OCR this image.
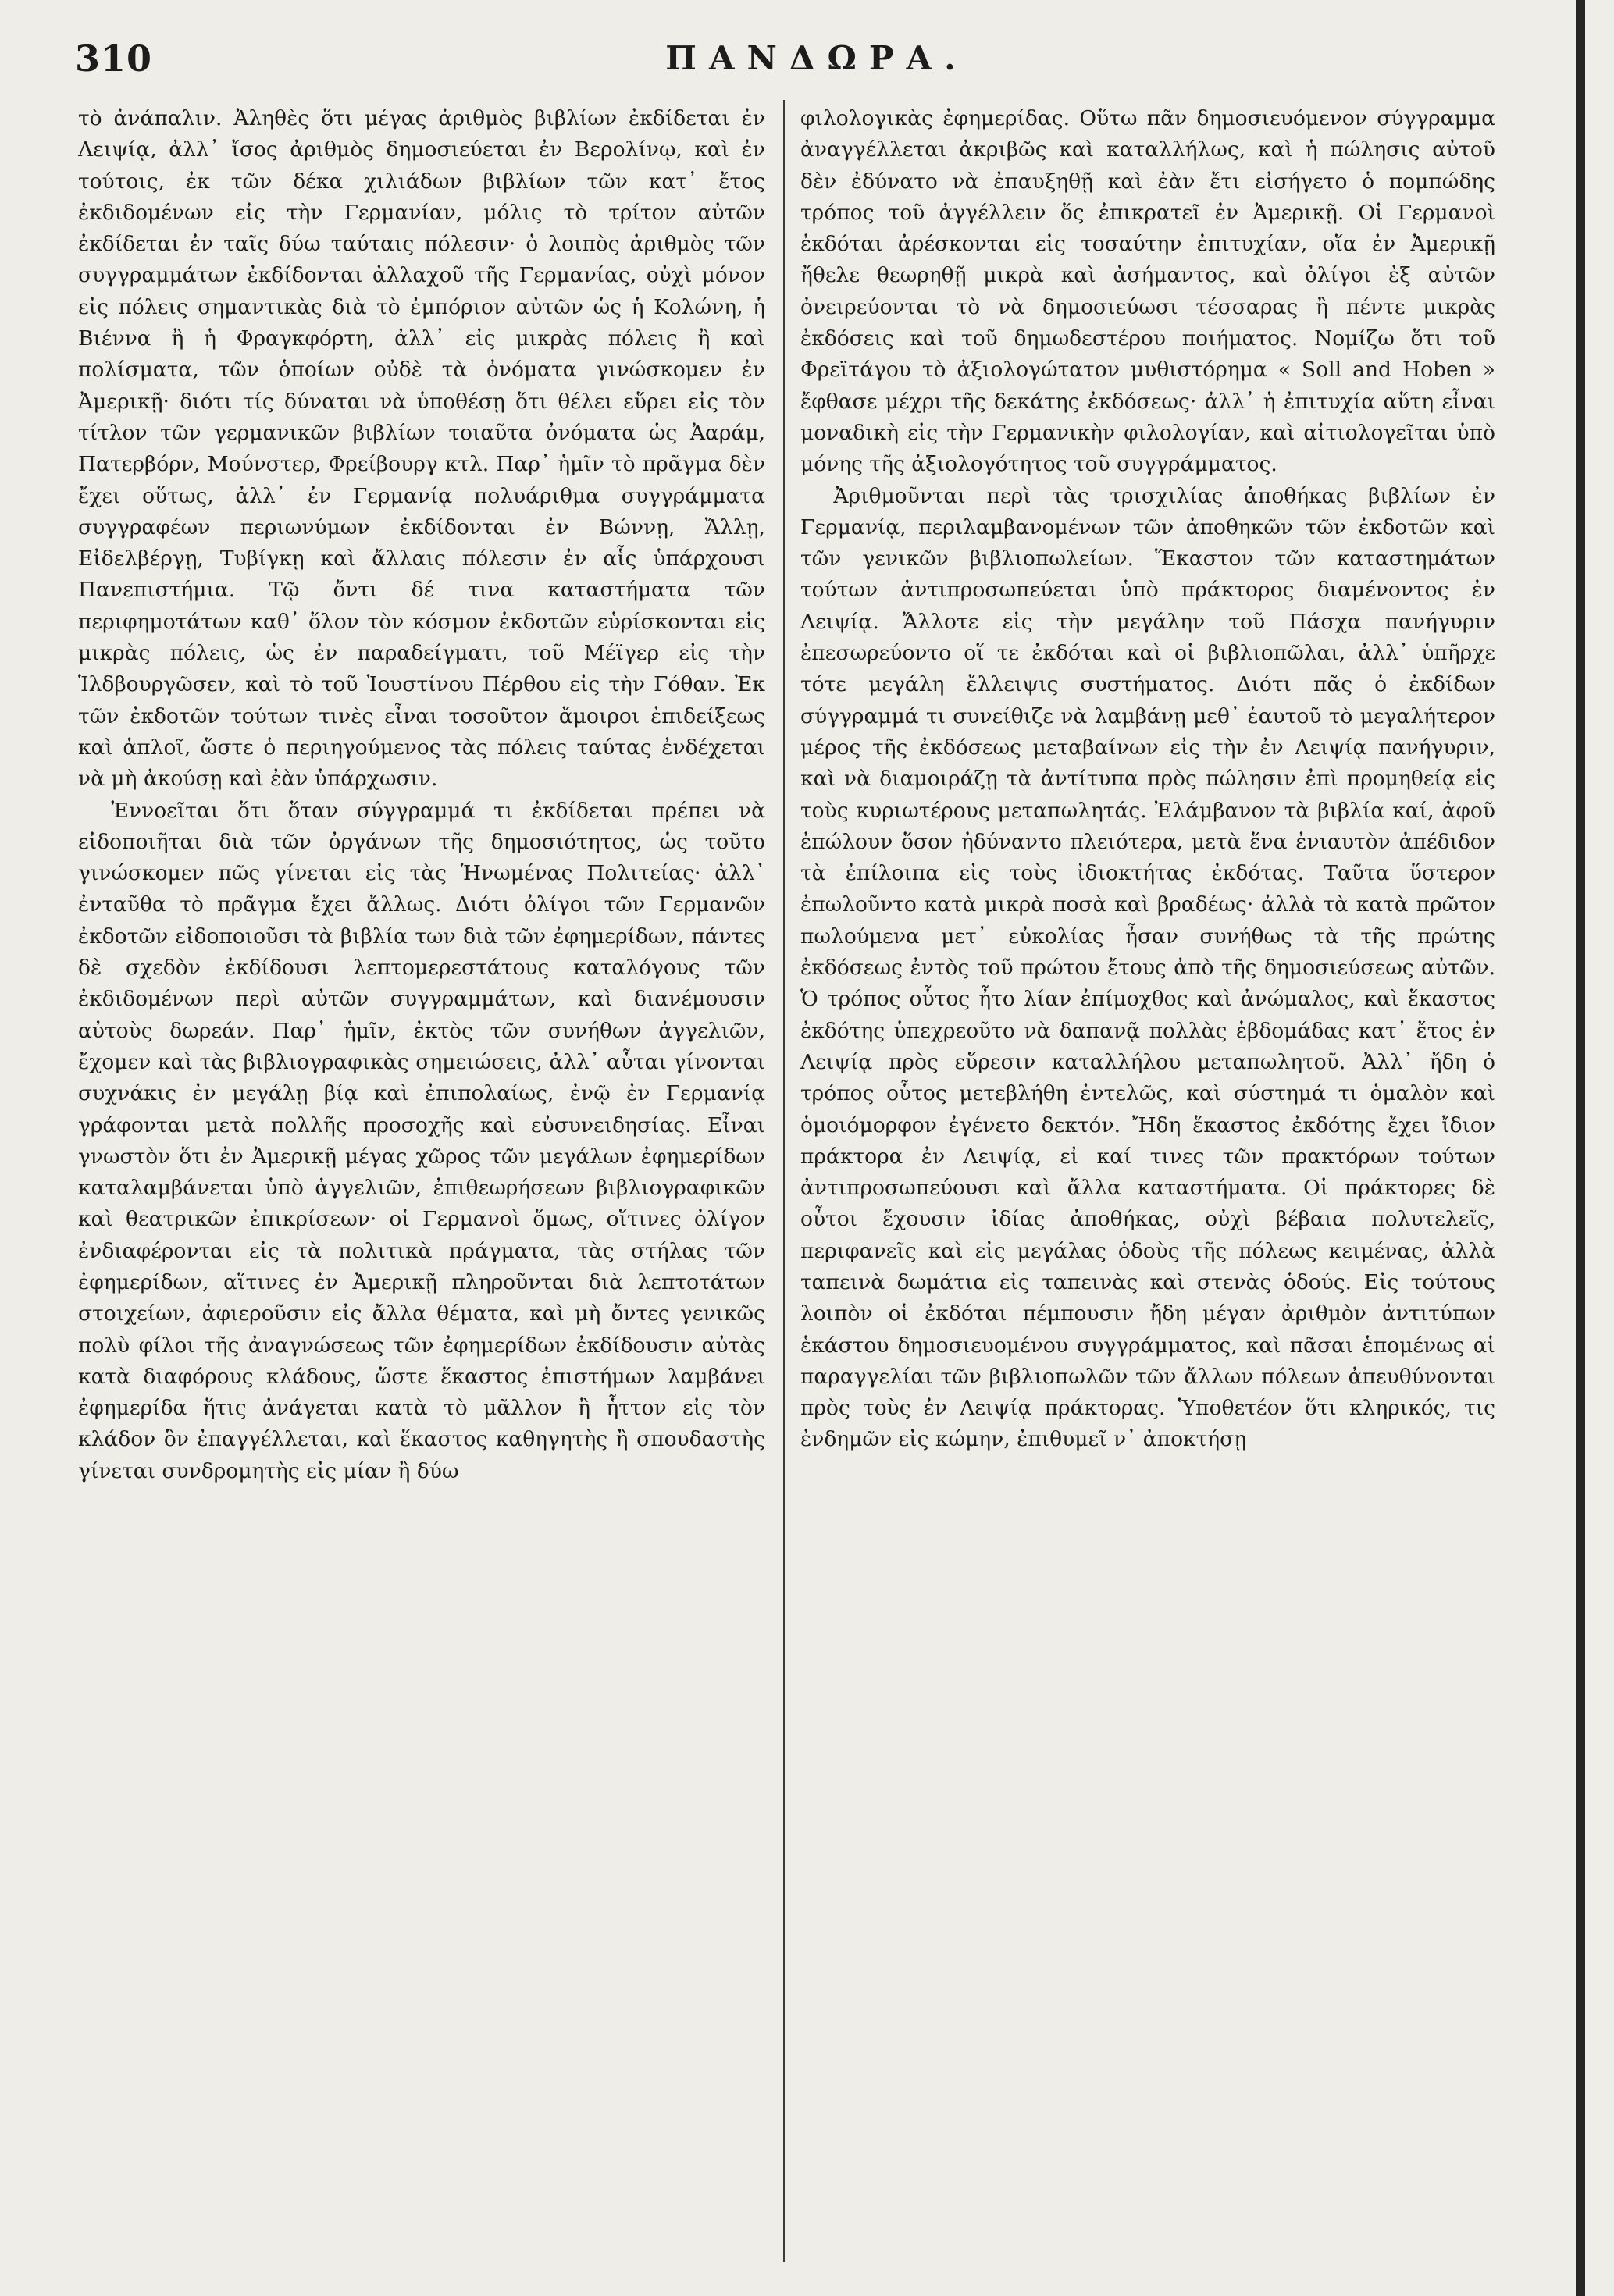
310	ΠΑΝΔΩΡΑ.

τὸ ἀνάπαλιν. Ἀληθὲς ὅτι μέγας ἀριθμὸς βιβλίων ἐκδίδεται ἐν Λειψίᾳ, ἀλλ᾽ ἴσος ἀριθμὸς δημοσιεύεται ἐν Βερολίνῳ, καὶ ἐν τούτοις, ἐκ τῶν δέκα χιλιάδων βιβλίων τῶν κατ᾽ ἔτος ἐκδιδομένων εἰς τὴν Γερμανίαν, μόλις τὸ τρίτον αὐτῶν ἐκδίδεται ἐν ταῖς δύω ταύταις πόλεσιν· ὁ λοιπὸς ἀριθμὸς τῶν συγγραμμάτων ἐκδίδονται ἀλλαχοῦ τῆς Γερμανίας, οὐχὶ μόνον εἰς πόλεις σημαντικὰς διὰ τὸ ἐμπόριον αὐτῶν ὡς ἡ Κολώνη, ἡ Βιέννα ἢ ἡ Φραγκφόρτη, ἀλλ᾽ εἰς μικρὰς πόλεις ἢ καὶ πολίσματα, τῶν ὁποίων οὐδὲ τὰ ὀνόματα γινώσκομεν ἐν Ἀμερικῇ· διότι τίς δύναται νὰ ὑποθέσῃ ὅτι θέλει εὕρει εἰς τὸν τίτλον τῶν γερμανικῶν βιβλίων τοιαῦτα ὀνόματα ὡς Ἀαράμ, Πατερβόρν, Μούνστερ, Φρείβουργ κτλ. Παρ᾽ ἡμῖν τὸ πρᾶγμα δὲν ἔχει οὕτως, ἀλλ᾽ ἐν Γερμανίᾳ πολυάριθμα συγγράμματα συγγραφέων περιωνύμων ἐκδίδονται ἐν Βώννῃ, Ἄλλῃ, Εἰδελβέργῃ, Τυβίγκῃ καὶ ἄλλαις πόλεσιν ἐν αἷς ὑπάρχουσι Πανεπιστήμια. Τῷ ὄντι δέ τινα καταστήματα τῶν περιφημοτάτων καθ᾽ ὅλον τὸν κόσμον ἐκδοτῶν εὑρίσκονται εἰς μικρὰς πόλεις, ὡς ἐν παραδείγματι, τοῦ Μέϊγερ εἰς τὴν Ἱλδβουργῶσεν, καὶ τὸ τοῦ Ἰουστίνου Πέρθου εἰς τὴν Γόθαν. Ἐκ τῶν ἐκδοτῶν τούτων τινὲς εἶναι τοσοῦτον ἄμοιροι ἐπιδείξεως καὶ ἁπλοῖ, ὥστε ὁ περιηγούμενος τὰς πόλεις ταύτας ἐνδέχεται νὰ μὴ ἀκούσῃ καὶ ἐὰν ὑπάρχωσιν.

Ἐννοεῖται ὅτι ὅταν σύγγραμμά τι ἐκδίδεται πρέπει νὰ εἰδοποιῆται διὰ τῶν ὀργάνων τῆς δημοσιότητος, ὡς τοῦτο γινώσκομεν πῶς γίνεται εἰς τὰς Ἡνωμένας Πολιτείας· ἀλλ᾽ ἐνταῦθα τὸ πρᾶγμα ἔχει ἄλλως. Διότι ὀλίγοι τῶν Γερμανῶν ἐκδοτῶν εἰδοποιοῦσι τὰ βιβλία των διὰ τῶν ἐφημερίδων, πάντες δὲ σχεδὸν ἐκδίδουσι λεπτομερεστάτους καταλόγους τῶν ἐκδιδομένων περὶ αὐτῶν συγγραμμάτων, καὶ διανέμουσιν αὐτοὺς δωρεάν. Παρ᾽ ἡμῖν, ἐκτὸς τῶν συνήθων ἀγγελιῶν, ἔχομεν καὶ τὰς βιβλιογραφικὰς σημειώσεις, ἀλλ᾽ αὗται γίνονται συχνάκις ἐν μεγάλῃ βίᾳ καὶ ἐπιπολαίως, ἐνῷ ἐν Γερμανίᾳ γράφονται μετὰ πολλῆς προσοχῆς καὶ εὐσυνειδησίας. Εἶναι γνωστὸν ὅτι ἐν Ἀμερικῇ μέγας χῶρος τῶν μεγάλων ἐφημερίδων καταλαμβάνεται ὑπὸ ἀγγελιῶν, ἐπιθεωρήσεων βιβλιογραφικῶν καὶ θεατρικῶν ἐπικρίσεων· οἱ Γερμανοὶ ὅμως, οἵτινες ὀλίγον ἐνδιαφέρονται εἰς τὰ πολιτικὰ πράγματα, τὰς στήλας τῶν ἐφημερίδων, αἵτινες ἐν Ἀμερικῇ πληροῦνται διὰ λεπτοτάτων στοιχείων, ἀφιεροῦσιν εἰς ἄλλα θέματα, καὶ μὴ ὄντες γενικῶς πολὺ φίλοι τῆς ἀναγνώσεως τῶν ἐφημερίδων ἐκδίδουσιν αὐτὰς κατὰ διαφόρους κλάδους, ὥστε ἕκαστος ἐπιστήμων λαμβάνει ἐφημερίδα ἥτις ἀνάγεται κατὰ τὸ μᾶλλον ἢ ἧττον εἰς τὸν κλάδον ὃν ἐπαγγέλλεται, καὶ ἕκαστος καθηγητὴς ἢ σπουδαστὴς γίνεται συνδρομητὴς εἰς μίαν ἢ δύω

φιλολογικὰς ἐφημερίδας. Οὕτω πᾶν δημοσιευόμενον σύγγραμμα ἀναγγέλλεται ἀκριβῶς καὶ καταλλήλως, καὶ ἡ πώλησις αὐτοῦ δὲν ἐδύνατο νὰ ἐπαυξηθῇ καὶ ἐὰν ἔτι εἰσήγετο ὁ πομπώδης τρόπος τοῦ ἀγγέλλειν ὅς ἐπικρατεῖ ἐν Ἀμερικῇ. Οἱ Γερμανοὶ ἐκδόται ἀρέσκονται εἰς τοσαύτην ἐπιτυχίαν, οἵα ἐν Ἀμερικῇ ἤθελε θεωρηθῇ μικρὰ καὶ ἀσήμαντος, καὶ ὀλίγοι ἐξ αὐτῶν ὀνειρεύονται τὸ νὰ δημοσιεύωσι τέσσαρας ἢ πέντε μικρὰς ἐκδόσεις καὶ τοῦ δημωδεστέρου ποιήματος. Νομίζω ὅτι τοῦ Φρεϊτάγου τὸ ἀξιολογώτατον μυθιστόρημα « Soll and Hoben » ἔφθασε μέχρι τῆς δεκάτης ἐκδόσεως· ἀλλ᾽ ἡ ἐπιτυχία αὕτη εἶναι μοναδικὴ εἰς τὴν Γερμανικὴν φιλολογίαν, καὶ αἰτιολογεῖται ὑπὸ μόνης τῆς ἀξιολογότητος τοῦ συγγράμματος.

Ἀριθμοῦνται περὶ τὰς τρισχιλίας ἀποθήκας βιβλίων ἐν Γερμανίᾳ, περιλαμβανομένων τῶν ἀποθηκῶν τῶν ἐκδοτῶν καὶ τῶν γενικῶν βιβλιοπωλείων. Ἕκαστον τῶν καταστημάτων τούτων ἀντιπροσωπεύεται ὑπὸ πράκτορος διαμένοντος ἐν Λειψίᾳ. Ἄλλοτε εἰς τὴν μεγάλην τοῦ Πάσχα πανήγυριν ἐπεσωρεύοντο οἵ τε ἐκδόται καὶ οἱ βιβλιοπῶλαι, ἀλλ᾽ ὑπῆρχε τότε μεγάλη ἔλλειψις συστήματος. Διότι πᾶς ὁ ἐκδίδων σύγγραμμά τι συνείθιζε νὰ λαμβάνῃ μεθ᾽ ἑαυτοῦ τὸ μεγαλήτερον μέρος τῆς ἐκδόσεως μεταβαίνων εἰς τὴν ἐν Λειψίᾳ πανήγυριν, καὶ νὰ διαμοιράζῃ τὰ ἀντίτυπα πρὸς πώλησιν ἐπὶ προμηθείᾳ εἰς τοὺς κυριωτέρους μεταπωλητάς. Ἐλάμβανον τὰ βιβλία καί, ἀφοῦ ἐπώλουν ὅσον ἠδύναντο πλειότερα, μετὰ ἕνα ἐνιαυτὸν ἀπέδιδον τὰ ἐπίλοιπα εἰς τοὺς ἰδιοκτήτας ἐκδότας. Ταῦτα ὕστερον ἐπωλοῦντο κατὰ μικρὰ ποσὰ καὶ βραδέως· ἀλλὰ τὰ κατὰ πρῶτον πωλούμενα μετ᾽ εὐκολίας ἦσαν συνήθως τὰ τῆς πρώτης ἐκδόσεως ἐντὸς τοῦ πρώτου ἔτους ἀπὸ τῆς δημοσιεύσεως αὐτῶν. Ὁ τρόπος οὗτος ἦτο λίαν ἐπίμοχθος καὶ ἀνώμαλος, καὶ ἕκαστος ἐκδότης ὑπεχρεοῦτο νὰ δαπανᾷ πολλὰς ἑβδομάδας κατ᾽ ἔτος ἐν Λειψίᾳ πρὸς εὕρεσιν καταλλήλου μεταπωλητοῦ. Ἀλλ᾽ ἤδη ὁ τρόπος οὗτος μετεβλήθη ἐντελῶς, καὶ σύστημά τι ὁμαλὸν καὶ ὁμοιόμορφον ἐγένετο δεκτόν. Ἤδη ἕκαστος ἐκδότης ἔχει ἴδιον πράκτορα ἐν Λειψίᾳ, εἰ καί τινες τῶν πρακτόρων τούτων ἀντιπροσωπεύουσι καὶ ἄλλα καταστήματα. Οἱ πράκτορες δὲ οὗτοι ἔχουσιν ἰδίας ἀποθήκας, οὐχὶ βέβαια πολυτελεῖς, περιφανεῖς καὶ εἰς μεγάλας ὁδοὺς τῆς πόλεως κειμένας, ἀλλὰ ταπεινὰ δωμάτια εἰς ταπεινὰς καὶ στενὰς ὁδούς. Εἰς τούτους λοιπὸν οἱ ἐκδόται πέμπουσιν ἤδη μέγαν ἀριθμὸν ἀντιτύπων ἑκάστου δημοσιευομένου συγγράμματος, καὶ πᾶσαι ἑπομένως αἱ παραγγελίαι τῶν βιβλιοπωλῶν τῶν ἄλλων πόλεων ἀπευθύνονται πρὸς τοὺς ἐν Λειψίᾳ πράκτορας. Ὑποθετέον ὅτι κληρικός, τις ἐνδημῶν εἰς κώμην, ἐπιθυμεῖ ν᾽ ἀποκτήσῃ
